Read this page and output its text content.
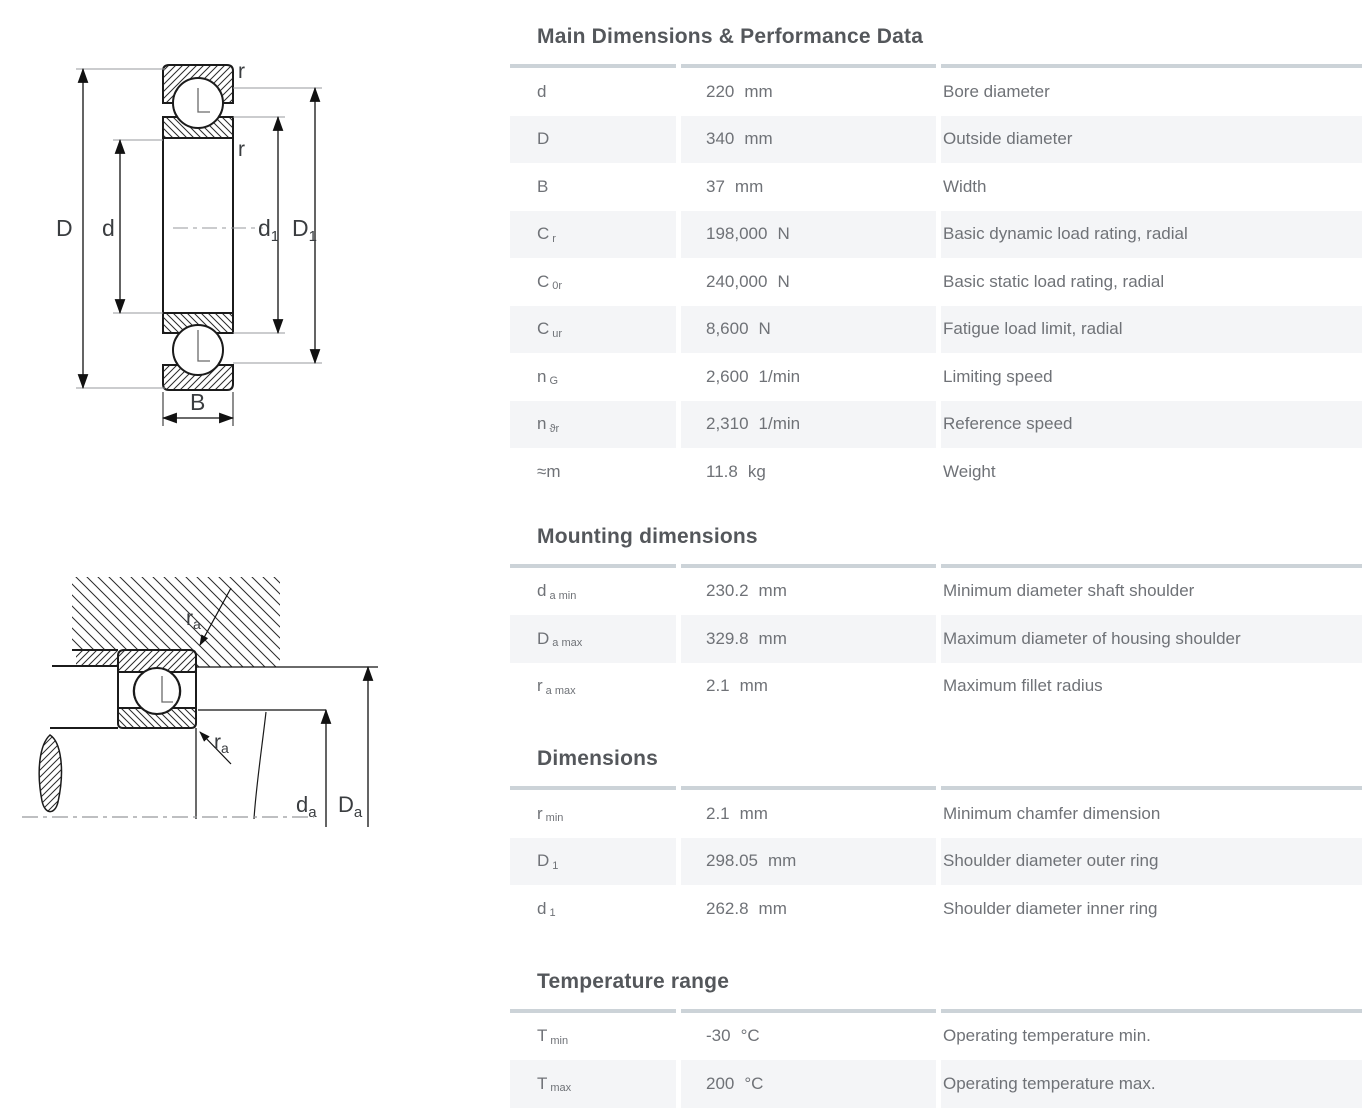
D d	$d_1$ $D_1$
r
r
B
ra
ra
$d_a$ $D_a$
Main Dimensions & Performance Data
d	220 mm	Bore diameter
D	340 mm	Outside diameter
B	37 mm	Width
C r	198,000 N	Basic dynamic load rating, radial
C 0r	240,000 N	Basic static load rating, radial
C ur	8,600 N	Fatigue load limit, radial
n G	2,600 1/min	Limiting speed
n ϑr	2,310 1/min	Reference speed
≈m	11.8 kg	Weight
Mounting dimensions
d a min	230.2 mm	Minimum diameter shaft shoulder
D a max	329.8 mm	Maximum diameter of housing shoulder
r a max	2.1 mm	Maximum fillet radius
Dimensions
r min	2.1 mm	Minimum chamfer dimension
D 1	298.05 mm	Shoulder diameter outer ring
d 1	262.8 mm	Shoulder diameter inner ring
Temperature range
T min	-30 °C	Operating temperature min.
T max	200 °C	Operating temperature max.
